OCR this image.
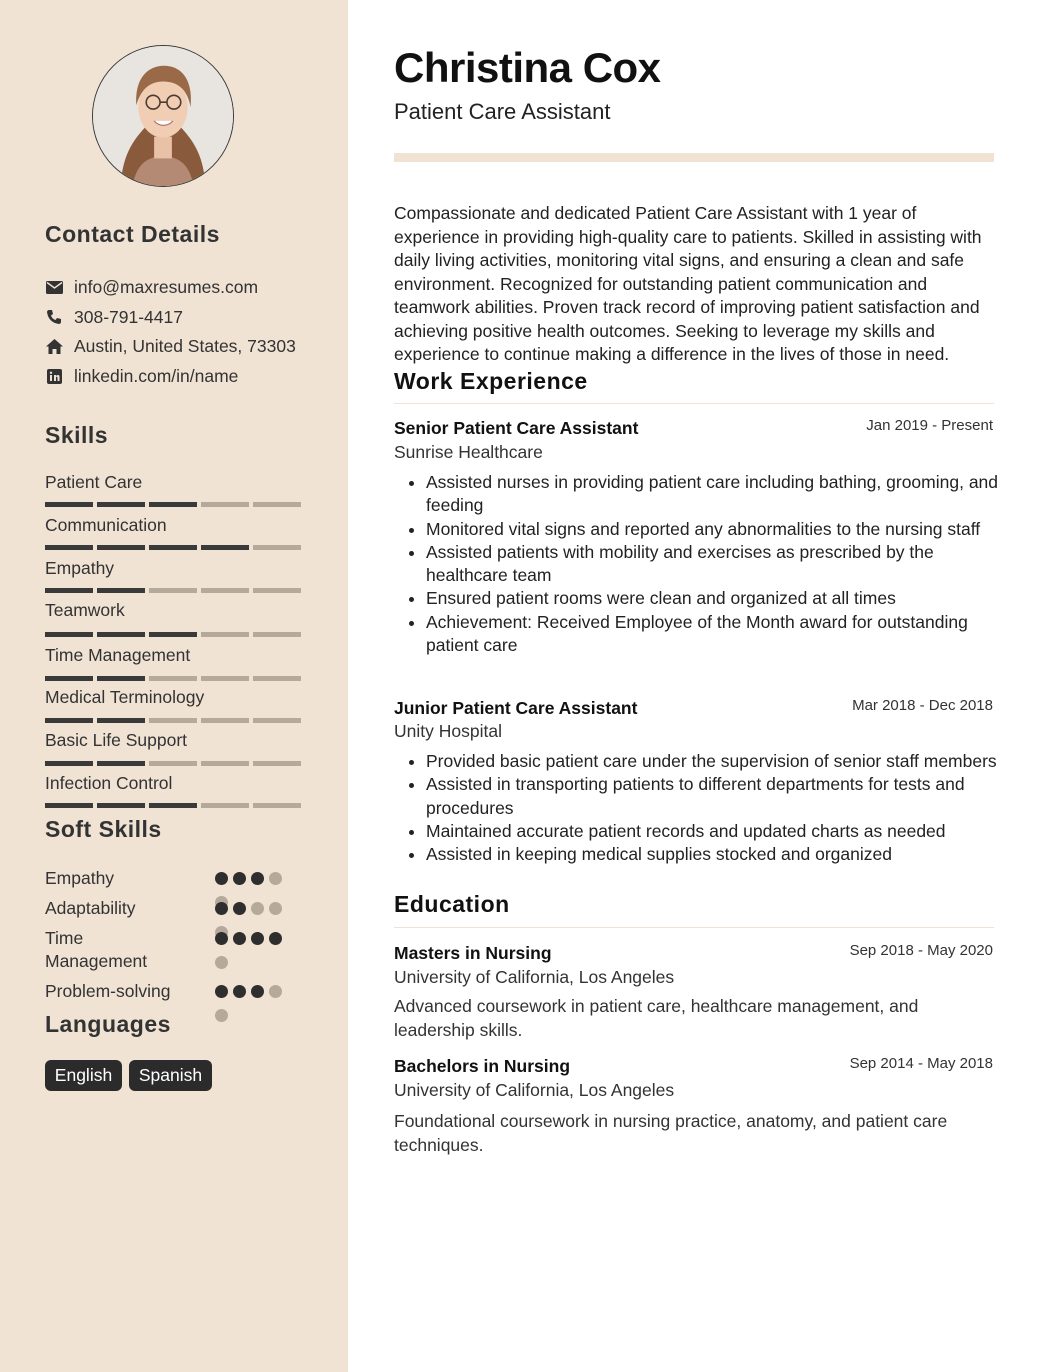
Contact Details
info@maxresumes.com
308-791-4417
Austin, United States, 73303
linkedin.com/in/name
Skills
Patient Care
Communication
Empathy
Teamwork
Time Management
Medical Terminology
Basic Life Support
Infection Control
Soft Skills
Empathy
Adaptability
Time Management
Problem-solving
Languages
English	Spanish
Christina Cox
Patient Care Assistant
Compassionate and dedicated Patient Care Assistant with 1 year of experience in providing high-quality care to patients. Skilled in assisting with daily living activities, monitoring vital signs, and ensuring a clean and safe environment. Recognized for outstanding patient communication and teamwork abilities. Proven track record of improving patient satisfaction and achieving positive health outcomes. Seeking to leverage my skills and experience to continue making a difference in the lives of those in need.
Work Experience
Senior Patient Care Assistant	Jan 2019 - Present
Sunrise Healthcare
• Assisted nurses in providing patient care including bathing, grooming, and feeding
• Monitored vital signs and reported any abnormalities to the nursing staff
• Assisted patients with mobility and exercises as prescribed by the healthcare team
• Ensured patient rooms were clean and organized at all times
• Achievement: Received Employee of the Month award for outstanding patient care
Junior Patient Care Assistant	Mar 2018 - Dec 2018
Unity Hospital
• Provided basic patient care under the supervision of senior staff members
• Assisted in transporting patients to different departments for tests and procedures
• Maintained accurate patient records and updated charts as needed
• Assisted in keeping medical supplies stocked and organized
Education
Masters in Nursing	Sep 2018 - May 2020
University of California, Los Angeles
Advanced coursework in patient care, healthcare management, and leadership skills.
Bachelors in Nursing	Sep 2014 - May 2018
University of California, Los Angeles
Foundational coursework in nursing practice, anatomy, and patient care techniques.
